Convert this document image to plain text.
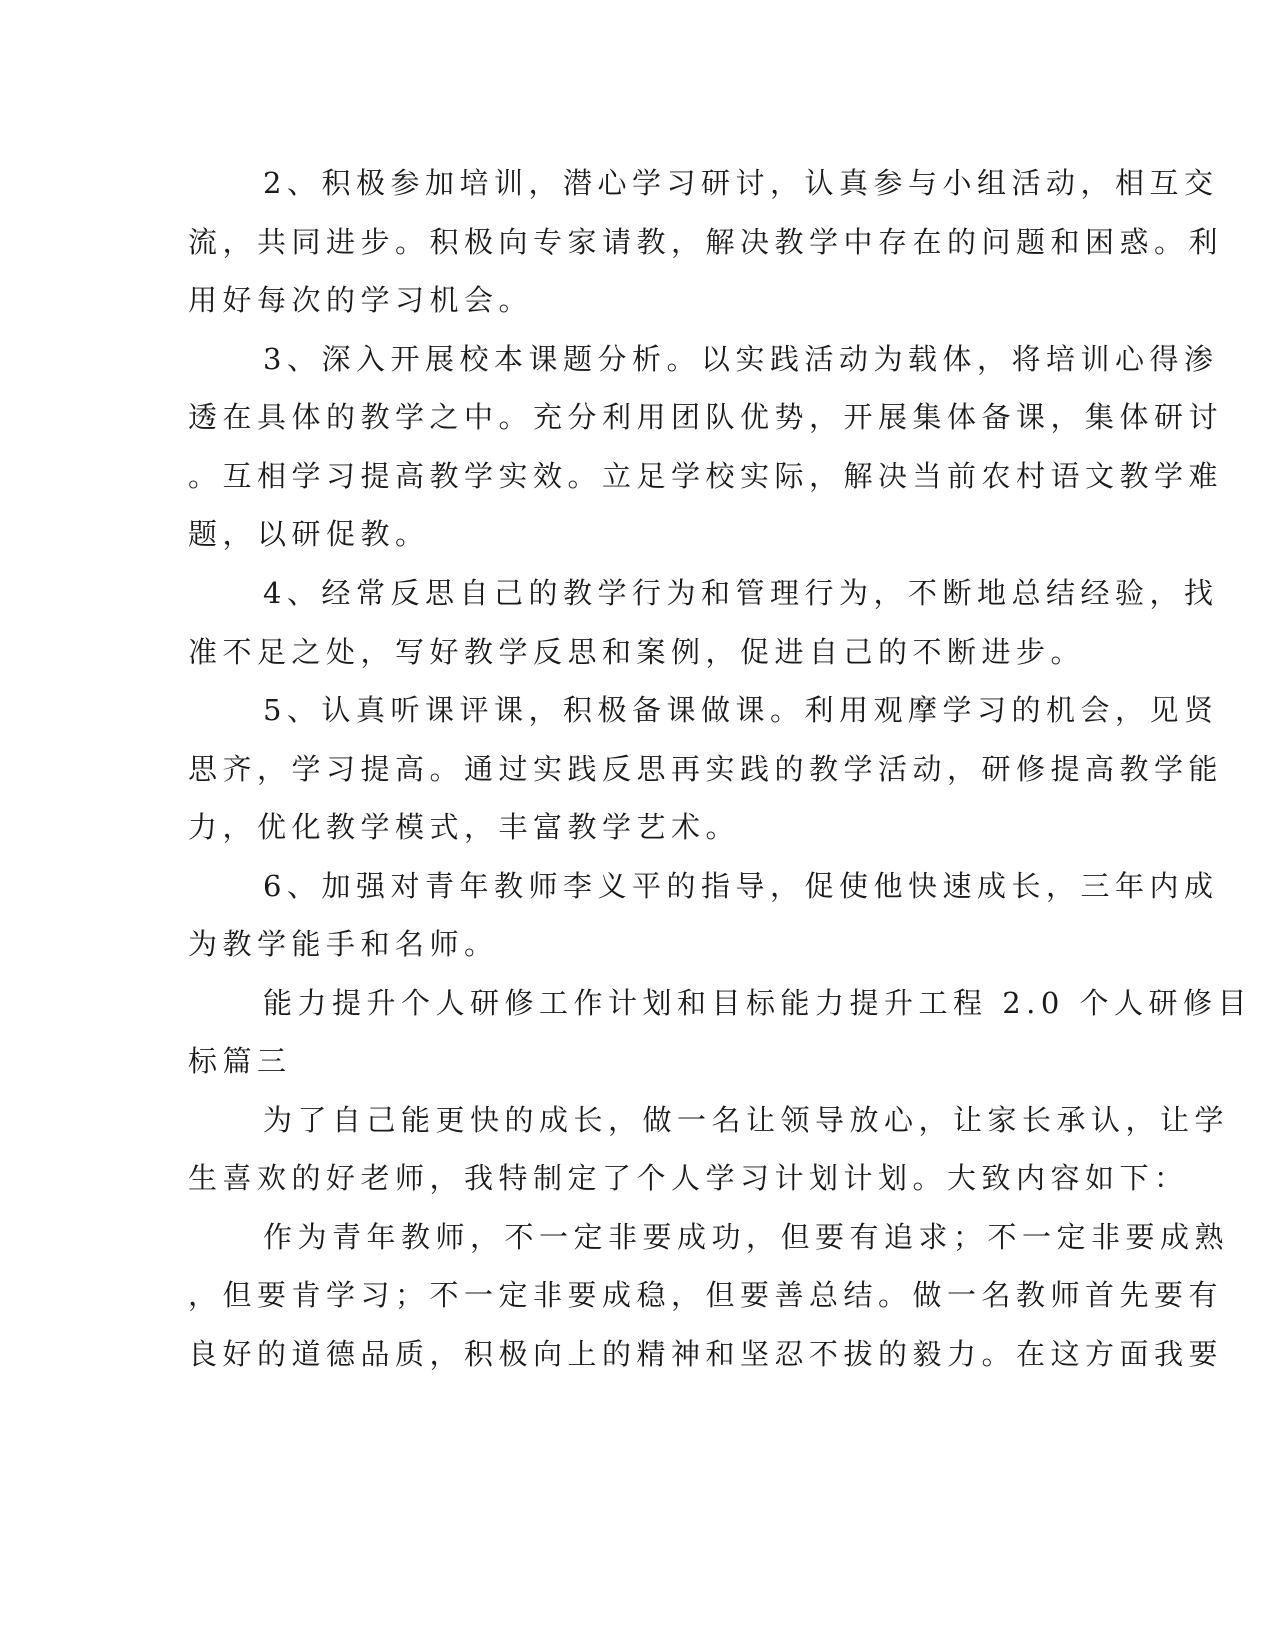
2、积极参加培训，潜心学习研讨，认真参与小组活动，相互交

流，共同进步。积极向专家请教，解决教学中存在的问题和困惑。利

用好每次的学习机会。

3、深入开展校本课题分析。以实践活动为载体，将培训心得渗

透在具体的教学之中。充分利用团队优势，开展集体备课，集体研讨

。互相学习提高教学实效。立足学校实际，解决当前农村语文教学难

题，以研促教。

4、经常反思自己的教学行为和管理行为，不断地总结经验，找

准不足之处，写好教学反思和案例，促进自己的不断进步。

5、认真听课评课，积极备课做课。利用观摩学习的机会，见贤

思齐，学习提高。通过实践反思再实践的教学活动，研修提高教学能

力，优化教学模式，丰富教学艺术。

6、加强对青年教师李义平的指导，促使他快速成长，三年内成

为教学能手和名师。

能力提升个人研修工作计划和目标能力提升工程 2.0 个人研修目

标篇三

为了自己能更快的成长，做一名让领导放心，让家长承认，让学

生喜欢的好老师，我特制定了个人学习计划计划。大致内容如下：

作为青年教师，不一定非要成功，但要有追求；不一定非要成熟

，但要肯学习；不一定非要成稳，但要善总结。做一名教师首先要有

良好的道德品质，积极向上的精神和坚忍不拔的毅力。在这方面我要
